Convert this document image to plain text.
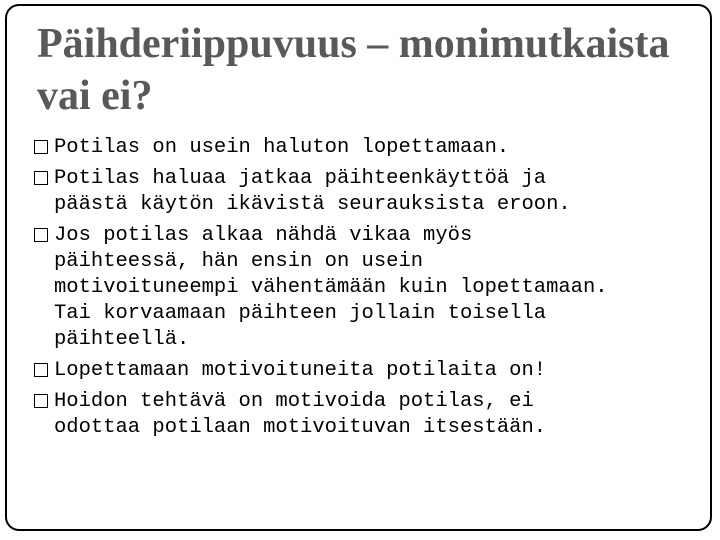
Päihderiippuvuus – monimutkaista
vai ei?
Potilas on usein haluton lopettamaan.
Potilas haluaa jatkaa päihteenkäyttöä ja
päästä käytön ikävistä seurauksista eroon.
Jos potilas alkaa nähdä vikaa myös
päihteessä, hän ensin on usein
motivoituneempi vähentämään kuin lopettamaan.
Tai korvaamaan päihteen jollain toisella
päihteellä.
Lopettamaan motivoituneita potilaita on!
Hoidon tehtävä on motivoida potilas, ei
odottaa potilaan motivoituvan itsestään.
